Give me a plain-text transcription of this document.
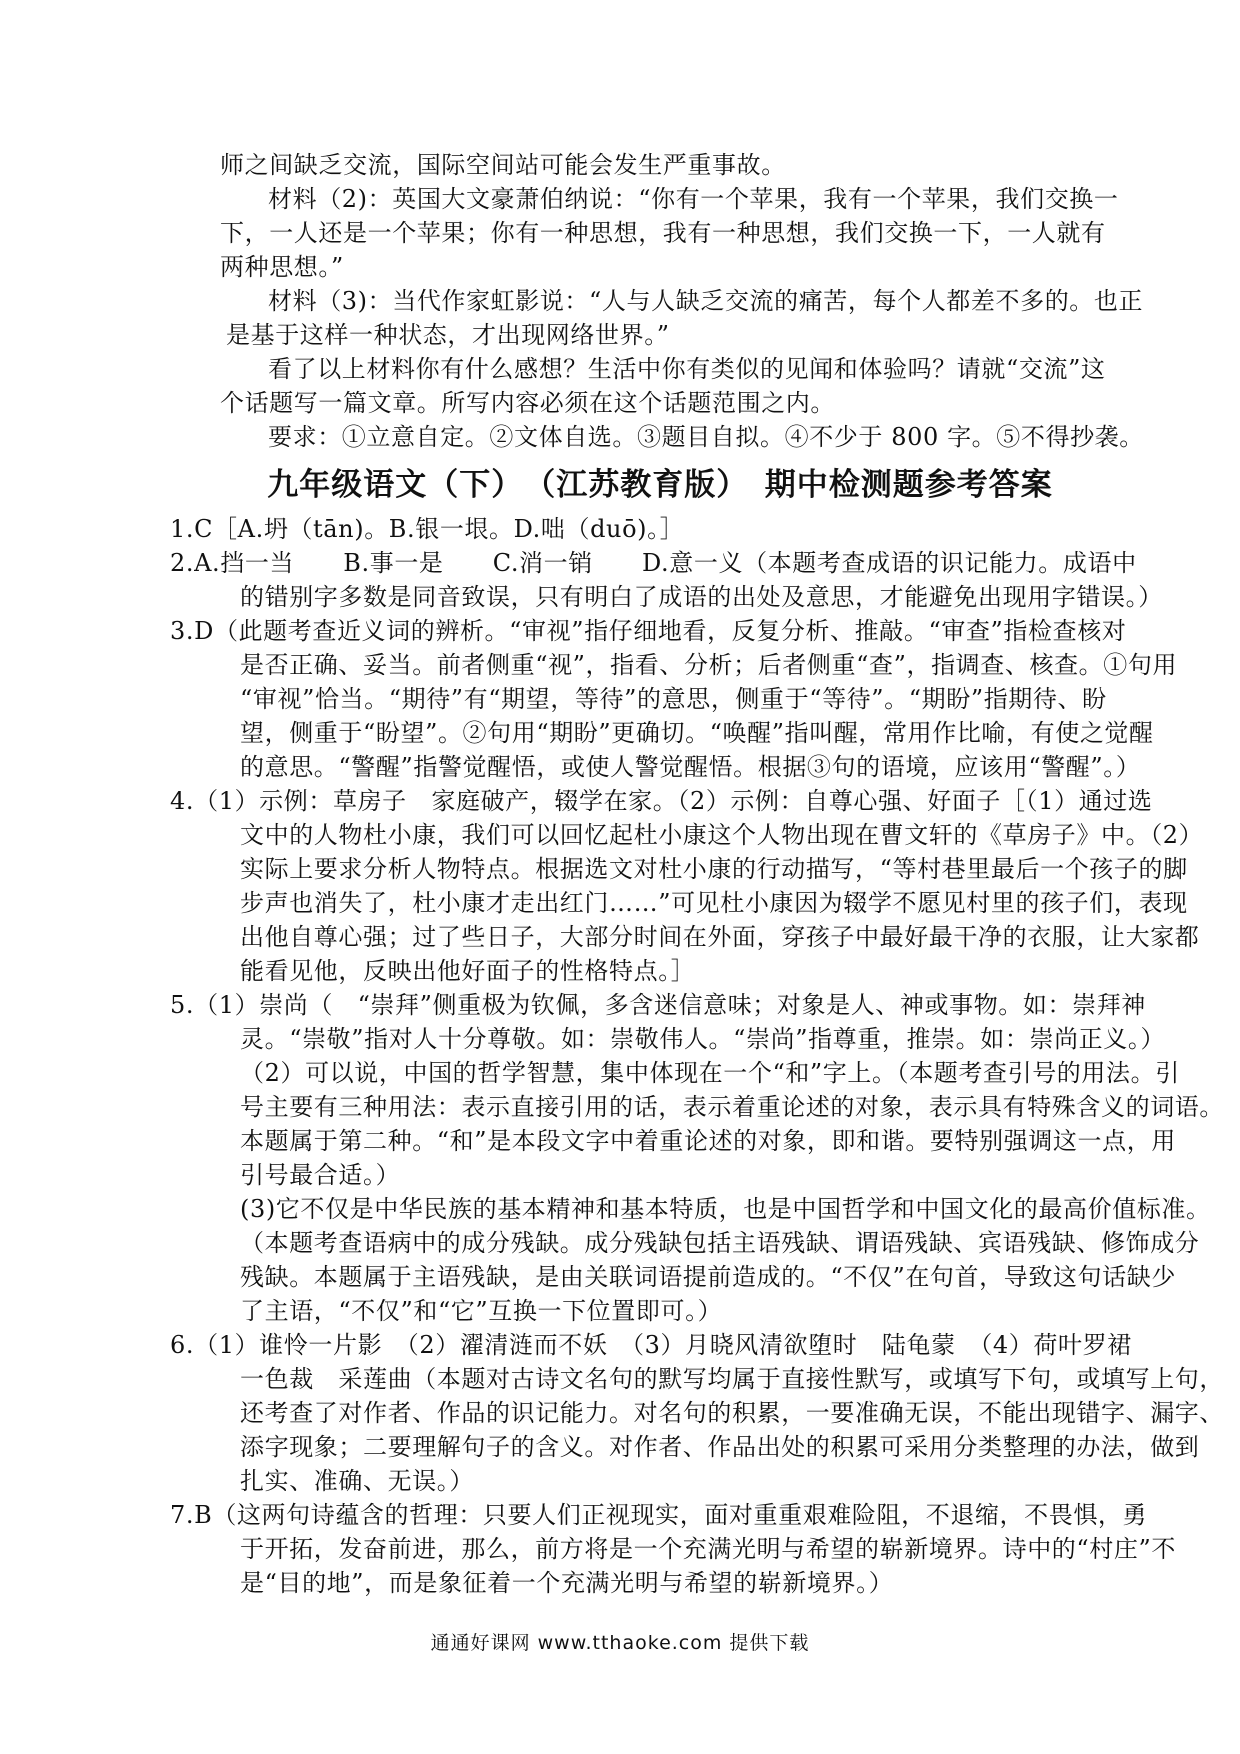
师之间缺乏交流，国际空间站可能会发生严重事故。
材料（2)：英国大文豪萧伯纳说：“你有一个苹果，我有一个苹果，我们交换一
下，一人还是一个苹果；你有一种思想，我有一种思想，我们交换一下，一人就有
两种思想。”
材料（3)：当代作家虹影说：“人与人缺乏交流的痛苦，每个人都差不多的。也正
是基于这样一种状态，才出现网络世界。”
看了以上材料你有什么感想？生活中你有类似的见闻和体验吗？请就“交流”这
个话题写一篇文章。所写内容必须在这个话题范围之内。
要求：①立意自定。②文体自选。③题目自拟。④不少于 800 字。⑤不得抄袭。
九年级语文（下）　（江苏教育版）　期中检测题参考答案
1.C［A.坍（tān)。B.银一垠。D.咄（duō)。］
2.A.挡一当　　B.事一是　　C.消一销　　D.意一义（本题考查成语的识记能力。成语中
的错别字多数是同音致误，只有明白了成语的出处及意思，才能避免出现用字错误。）
3.D（此题考查近义词的辨析。“审视”指仔细地看，反复分析、推敲。“审查”指检查核对
是否正确、妥当。前者侧重“视”，指看、分析；后者侧重“查”，指调查、核查。①句用
“审视”恰当。“期待”有“期望，等待”的意思，侧重于“等待”。“期盼”指期待、盼
望，侧重于“盼望”。②句用“期盼”更确切。“唤醒”指叫醒，常用作比喻，有使之觉醒
的意思。“警醒”指警觉醒悟，或使人警觉醒悟。根据③句的语境，应该用“警醒”。）
4.（1）示例：草房子　家庭破产，辍学在家。（2）示例：自尊心强、好面子［（1）通过选
文中的人物杜小康，我们可以回忆起杜小康这个人物出现在曹文轩的《草房子》中。（2）
实际上要求分析人物特点。根据选文对杜小康的行动描写，“等村巷里最后一个孩子的脚
步声也消失了，杜小康才走出红门……”可见杜小康因为辍学不愿见村里的孩子们，表现
出他自尊心强；过了些日子，大部分时间在外面，穿孩子中最好最干净的衣服，让大家都
能看见他，反映出他好面子的性格特点。］
5.（1）崇尚（　“崇拜”侧重极为钦佩，多含迷信意味；对象是人、神或事物。如：崇拜神
灵。“崇敬”指对人十分尊敬。如：崇敬伟人。“崇尚”指尊重，推崇。如：崇尚正义。）
（2）可以说，中国的哲学智慧，集中体现在一个“和”字上。（本题考查引号的用法。引
号主要有三种用法：表示直接引用的话，表示着重论述的对象，表示具有特殊含义的词语。
本题属于第二种。“和”是本段文字中着重论述的对象，即和谐。要特别强调这一点，用
引号最合适。）
(3)它不仅是中华民族的基本精神和基本特质，也是中国哲学和中国文化的最高价值标准。
（本题考查语病中的成分残缺。成分残缺包括主语残缺、谓语残缺、宾语残缺、修饰成分
残缺。本题属于主语残缺，是由关联词语提前造成的。“不仅”在句首，导致这句话缺少
了主语，“不仅”和“它”互换一下位置即可。）
6.（1）谁怜一片影　（2）濯清涟而不妖　（3）月晓风清欲堕时　陆龟蒙　（4）荷叶罗裙
一色裁　采莲曲（本题对古诗文名句的默写均属于直接性默写，或填写下句，或填写上句，
还考查了对作者、作品的识记能力。对名句的积累，一要准确无误，不能出现错字、漏字、
添字现象；二要理解句子的含义。对作者、作品出处的积累可采用分类整理的办法，做到
扎实、准确、无误。）
7.B（这两句诗蕴含的哲理：只要人们正视现实，面对重重艰难险阻，不退缩，不畏惧，勇
于开拓，发奋前进，那么，前方将是一个充满光明与希望的崭新境界。诗中的“村庄”不
是“目的地”，而是象征着一个充满光明与希望的崭新境界。）
通通好课网 www.tthaoke.com 提供下载
